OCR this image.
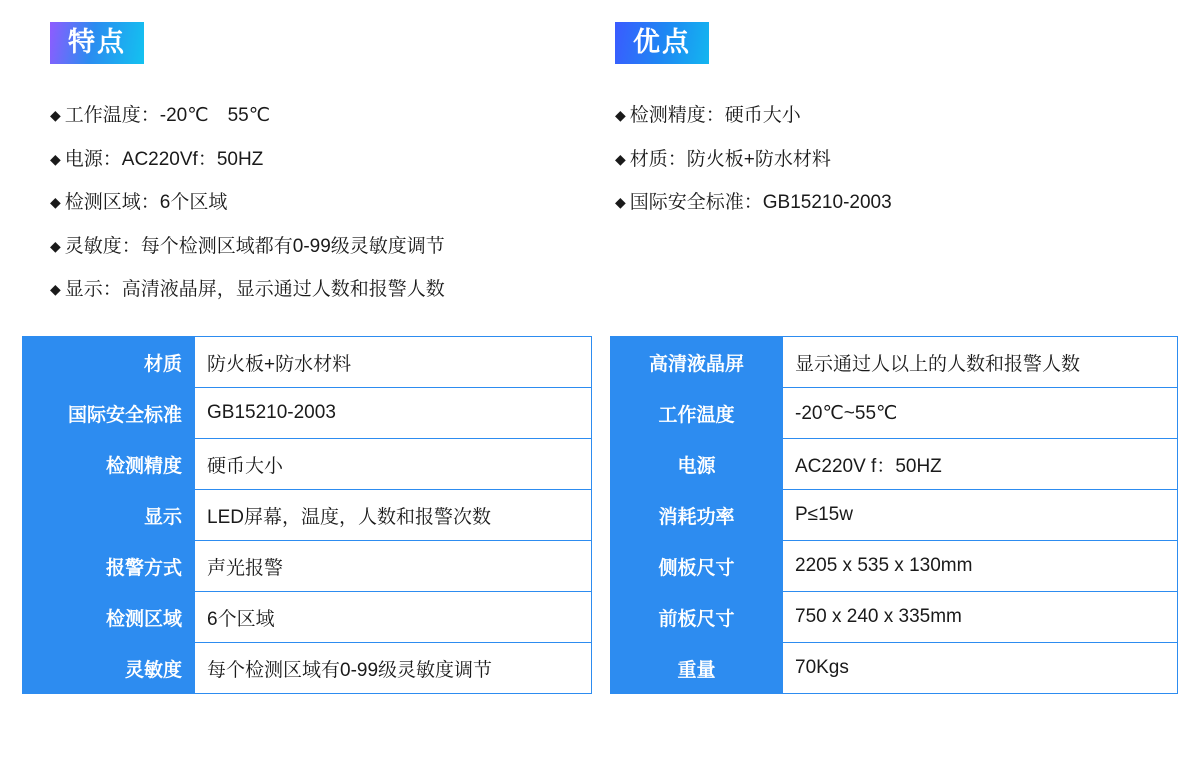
特点
◆ 工作温度：-20℃　55℃
◆ 电源：AC220Vf：50HZ
◆ 检测区域：6个区域
◆ 灵敏度：每个检测区域都有0-99级灵敏度调节
◆ 显示：高清液晶屏，显示通过人数和报警人数
优点
◆ 检测精度：硬币大小
◆ 材质：防火板+防水材料
◆ 国际安全标准：GB15210-2003
材质	防火板+防水材料
国际安全标准	GB15210-2003
检测精度	硬币大小
显示	LED屏幕，温度，人数和报警次数
报警方式	声光报警
检测区域	6个区域
灵敏度	每个检测区域有0-99级灵敏度调节
高清液晶屏	显示通过人以上的人数和报警人数
工作温度	-20℃~55℃
电源	AC220V f：50HZ
消耗功率	P≤15w
侧板尺寸	2205 x 535 x 130mm
前板尺寸	750 x 240 x 335mm
重量	70Kgs
